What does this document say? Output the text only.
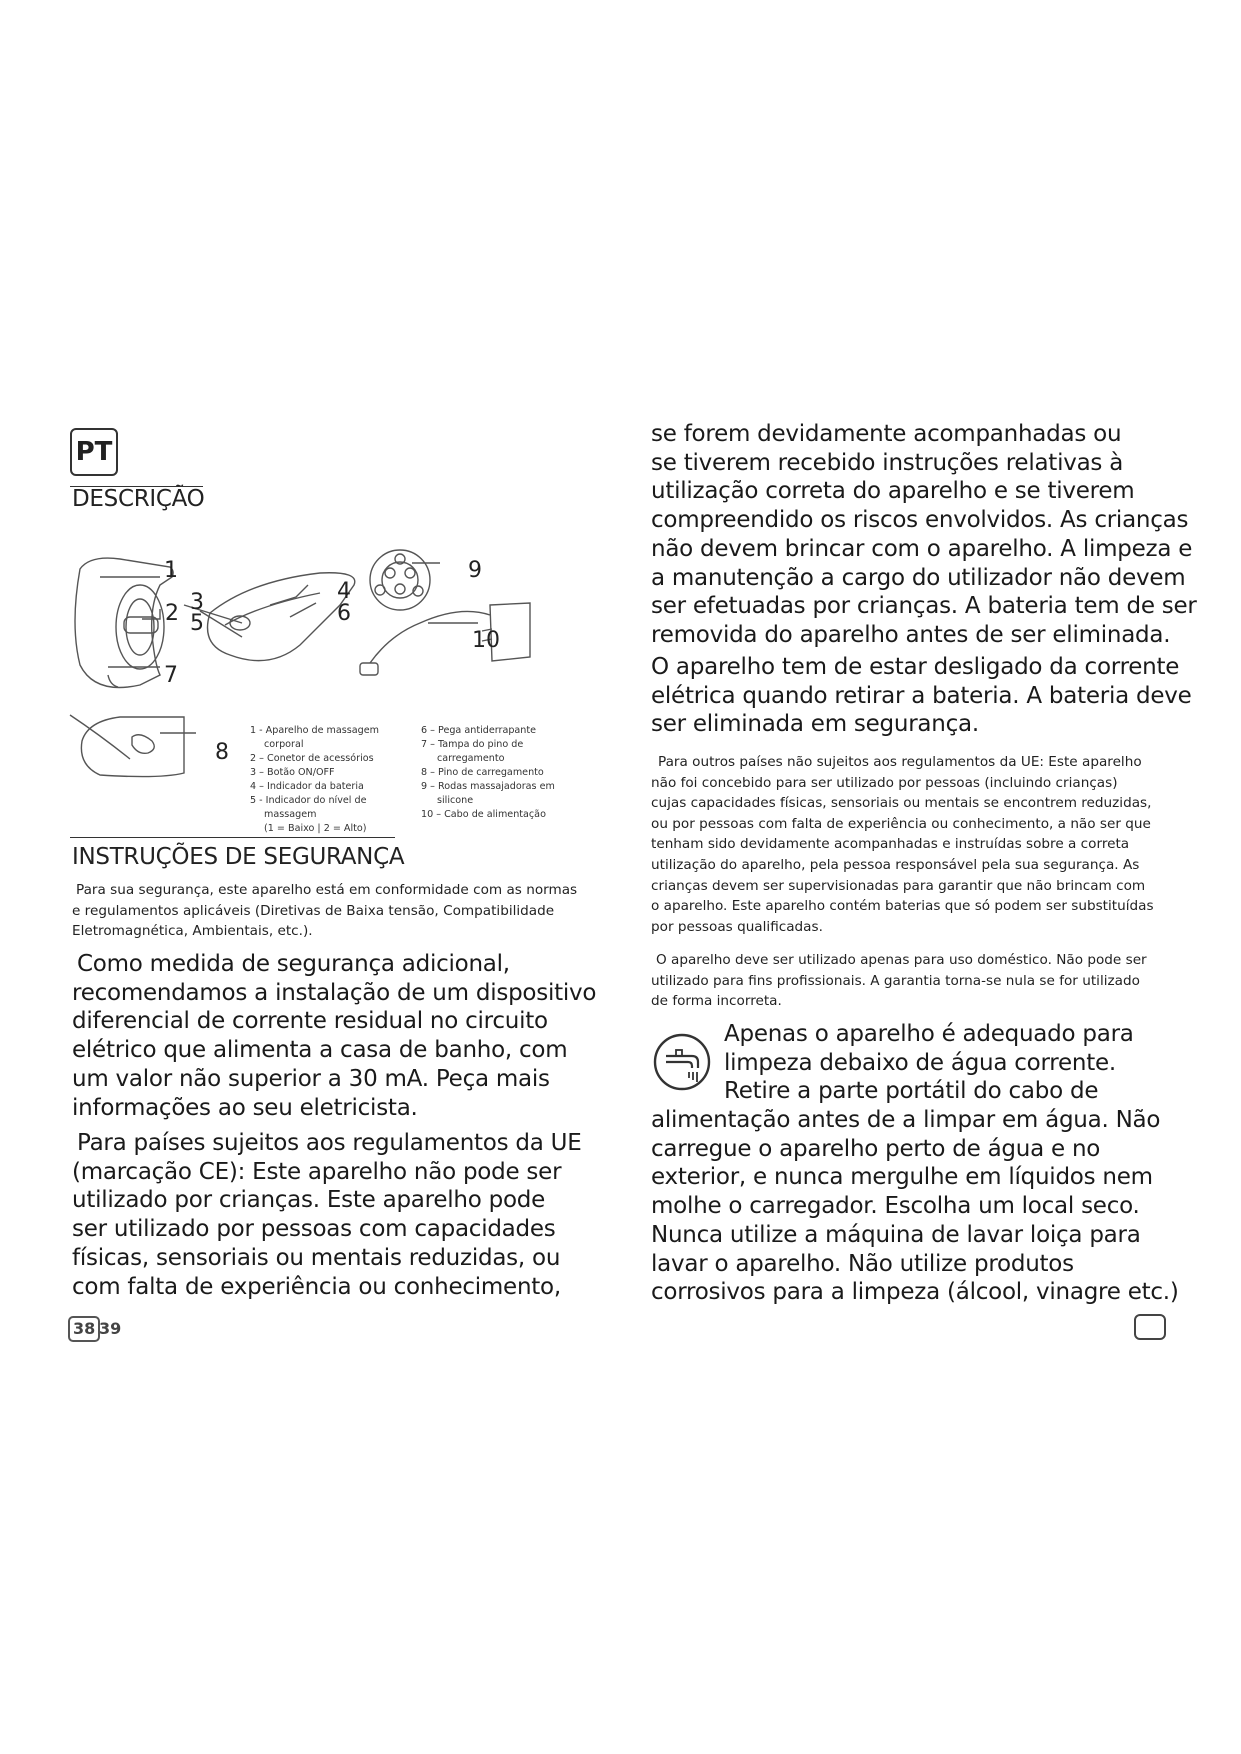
PT
DESCRIÇÃO
1
2 3
5
4
6
7
9
10
8
1 - Aparelho de massagem
corporal
2 – Conetor de acessórios
3 – Botão ON/OFF
4 – Indicador da bateria
5 - Indicador do nível de
massagem
(1 = Baixo | 2 = Alto)
6 – Pega antiderrapante
7 – Tampa do pino de
carregamento
8 – Pino de carregamento
9 – Rodas massajadoras em
silicone
10 – Cabo de alimentação
INSTRUÇÕES DE SEGURANÇA
Para sua segurança, este aparelho está em conformidade com as normas
e regulamentos aplicáveis (Diretivas de Baixa tensão, Compatibilidade
Eletromagnética, Ambientais, etc.).
Como medida de segurança adicional,
recomendamos a instalação de um dispositivo
diferencial de corrente residual no circuito
elétrico que alimenta a casa de banho, com
um valor não superior a 30 mA. Peça mais
informações ao seu eletricista.
Para países sujeitos aos regulamentos da UE
(marcação CE): Este aparelho não pode ser
utilizado por crianças. Este aparelho pode
ser utilizado por pessoas com capacidades
físicas, sensoriais ou mentais reduzidas, ou
com falta de experiência ou conhecimento,
38 39
se forem devidamente acompanhadas ou
se tiverem recebido instruções relativas à
utilização correta do aparelho e se tiverem
compreendido os riscos envolvidos. As crianças
não devem brincar com o aparelho. A limpeza e
a manutenção a cargo do utilizador não devem
ser efetuadas por crianças. A bateria tem de ser
removida do aparelho antes de ser eliminada.
O aparelho tem de estar desligado da corrente
elétrica quando retirar a bateria. A bateria deve
ser eliminada em segurança.
Para outros países não sujeitos aos regulamentos da UE: Este aparelho
não foi concebido para ser utilizado por pessoas (incluindo crianças)
cujas capacidades físicas, sensoriais ou mentais se encontrem reduzidas,
ou por pessoas com falta de experiência ou conhecimento, a não ser que
tenham sido devidamente acompanhadas e instruídas sobre a correta
utilização do aparelho, pela pessoa responsável pela sua segurança. As
crianças devem ser supervisionadas para garantir que não brincam com
o aparelho. Este aparelho contém baterias que só podem ser substituídas
por pessoas qualificadas.
O aparelho deve ser utilizado apenas para uso doméstico. Não pode ser
utilizado para fins profissionais. A garantia torna-se nula se for utilizado
de forma incorreta.
Apenas o aparelho é adequado para
limpeza debaixo de água corrente.
Retire a parte portátil do cabo de
alimentação antes de a limpar em água. Não
carregue o aparelho perto de água e no
exterior, e nunca mergulhe em líquidos nem
molhe o carregador. Escolha um local seco.
Nunca utilize a máquina de lavar loiça para
lavar o aparelho. Não utilize produtos
corrosivos para a limpeza (álcool, vinagre etc.)
